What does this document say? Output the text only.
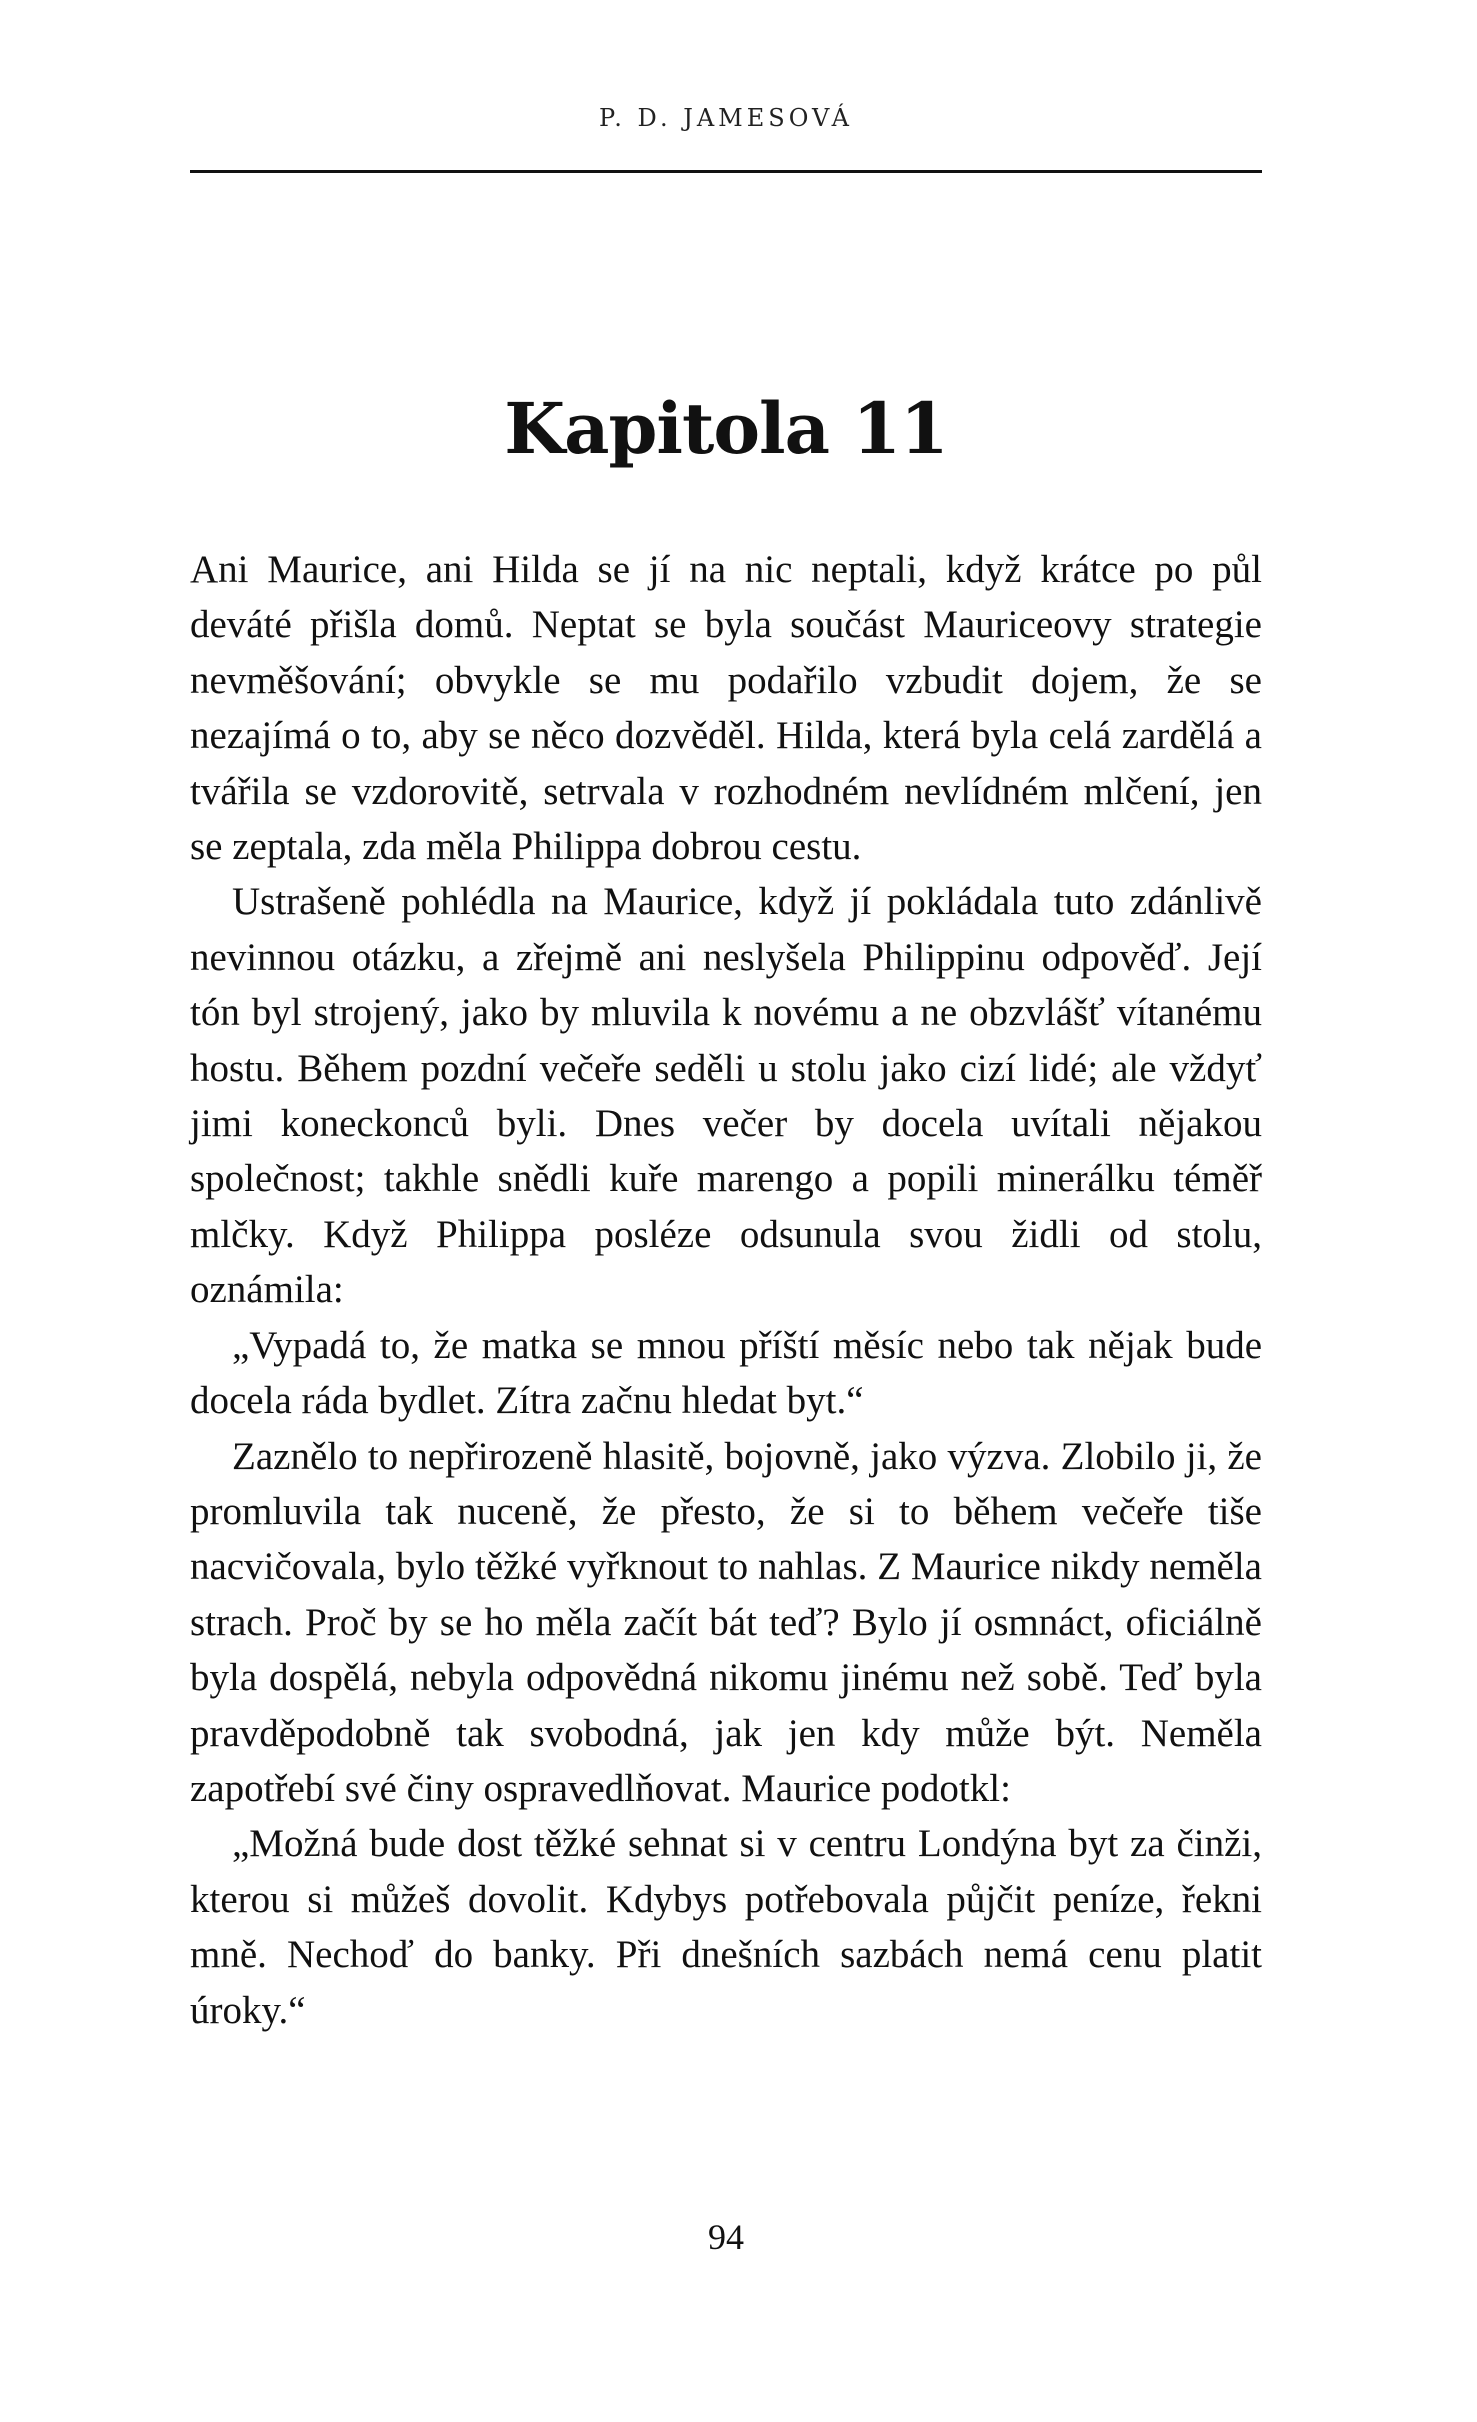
P. D. JAMESOVÁ
Kapitola 11

Ani Maurice, ani Hilda se jí na nic neptali, když krátce po půl deváté přišla domů. Neptat se byla součást Mauriceovy strategie nevměšování; obvykle se mu podařilo vzbudit dojem, že se nezajímá o to, aby se něco dozvěděl. Hilda, která byla celá zardělá a tvářila se vzdorovitě, setrvala v rozhodném nevlídném mlčení, jen se zeptala, zda měla Philippa dobrou cestu.

Ustrašeně pohlédla na Maurice, když jí pokládala tuto zdánlivě nevinnou otázku, a zřejmě ani neslyšela Philippinu odpověď. Její tón byl strojený, jako by mluvila k novému a ne obzvlášť vítanému hostu. Během pozdní večeře seděli u stolu jako cizí lidé; ale vždyť jimi koneckonců byli. Dnes večer by docela uvítali nějakou společnost; takhle snědli kuře marengo a popili minerálku téměř mlčky. Když Philippa posléze odsunula svou židli od stolu, oznámila:

„Vypadá to, že matka se mnou příští měsíc nebo tak nějak bude docela ráda bydlet. Zítra začnu hledat byt.“

Zaznělo to nepřirozeně hlasitě, bojovně, jako výzva. Zlobilo ji, že promluvila tak nuceně, že přesto, že si to během večeře tiše nacvičovala, bylo těžké vyřknout to nahlas. Z Maurice nikdy neměla strach. Proč by se ho měla začít bát teď? Bylo jí osmnáct, oficiálně byla dospělá, nebyla odpovědná nikomu jinému než sobě. Teď byla pravděpodobně tak svobodná, jak jen kdy může být. Neměla zapotřebí své činy ospravedlňovat. Maurice podotkl:

„Možná bude dost těžké sehnat si v centru Londýna byt za činži, kterou si můžeš dovolit. Kdybys potřebovala půjčit peníze, řekni mně. Nechoď do banky. Při dnešních sazbách nemá cenu platit úroky.“

94
